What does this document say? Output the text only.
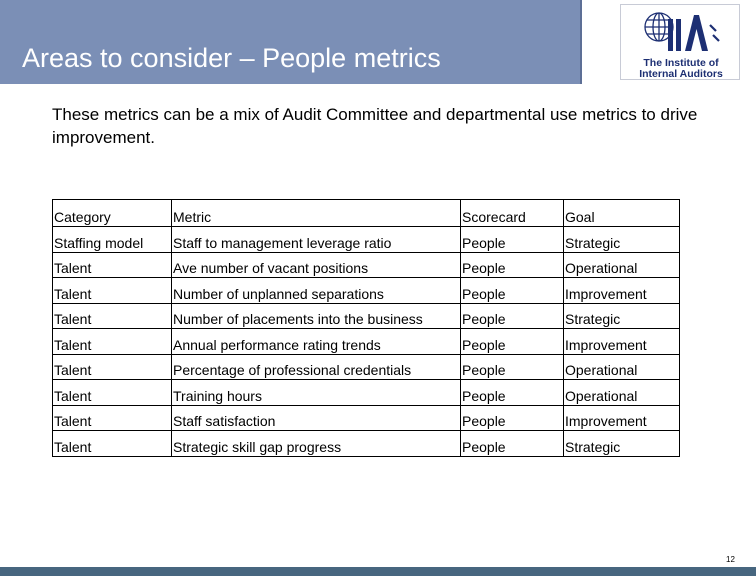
Areas to consider – People metrics	The Institute of
Internal Auditors
These metrics can be a mix of Audit Committee and departmental use metrics to drive improvement.
Category	Metric	Scorecard	Goal
Staffing model	Staff to management leverage ratio	People	Strategic
Talent	Ave number of vacant positions	People	Operational
Talent	Number of unplanned separations	People	Improvement
Talent	Number of placements into the business	People	Strategic
Talent	Annual performance rating trends	People	Improvement
Talent	Percentage of professional credentials	People	Operational
Talent	Training hours	People	Operational
Talent	Staff satisfaction	People	Improvement
Talent	Strategic skill gap progress	People	Strategic
12
